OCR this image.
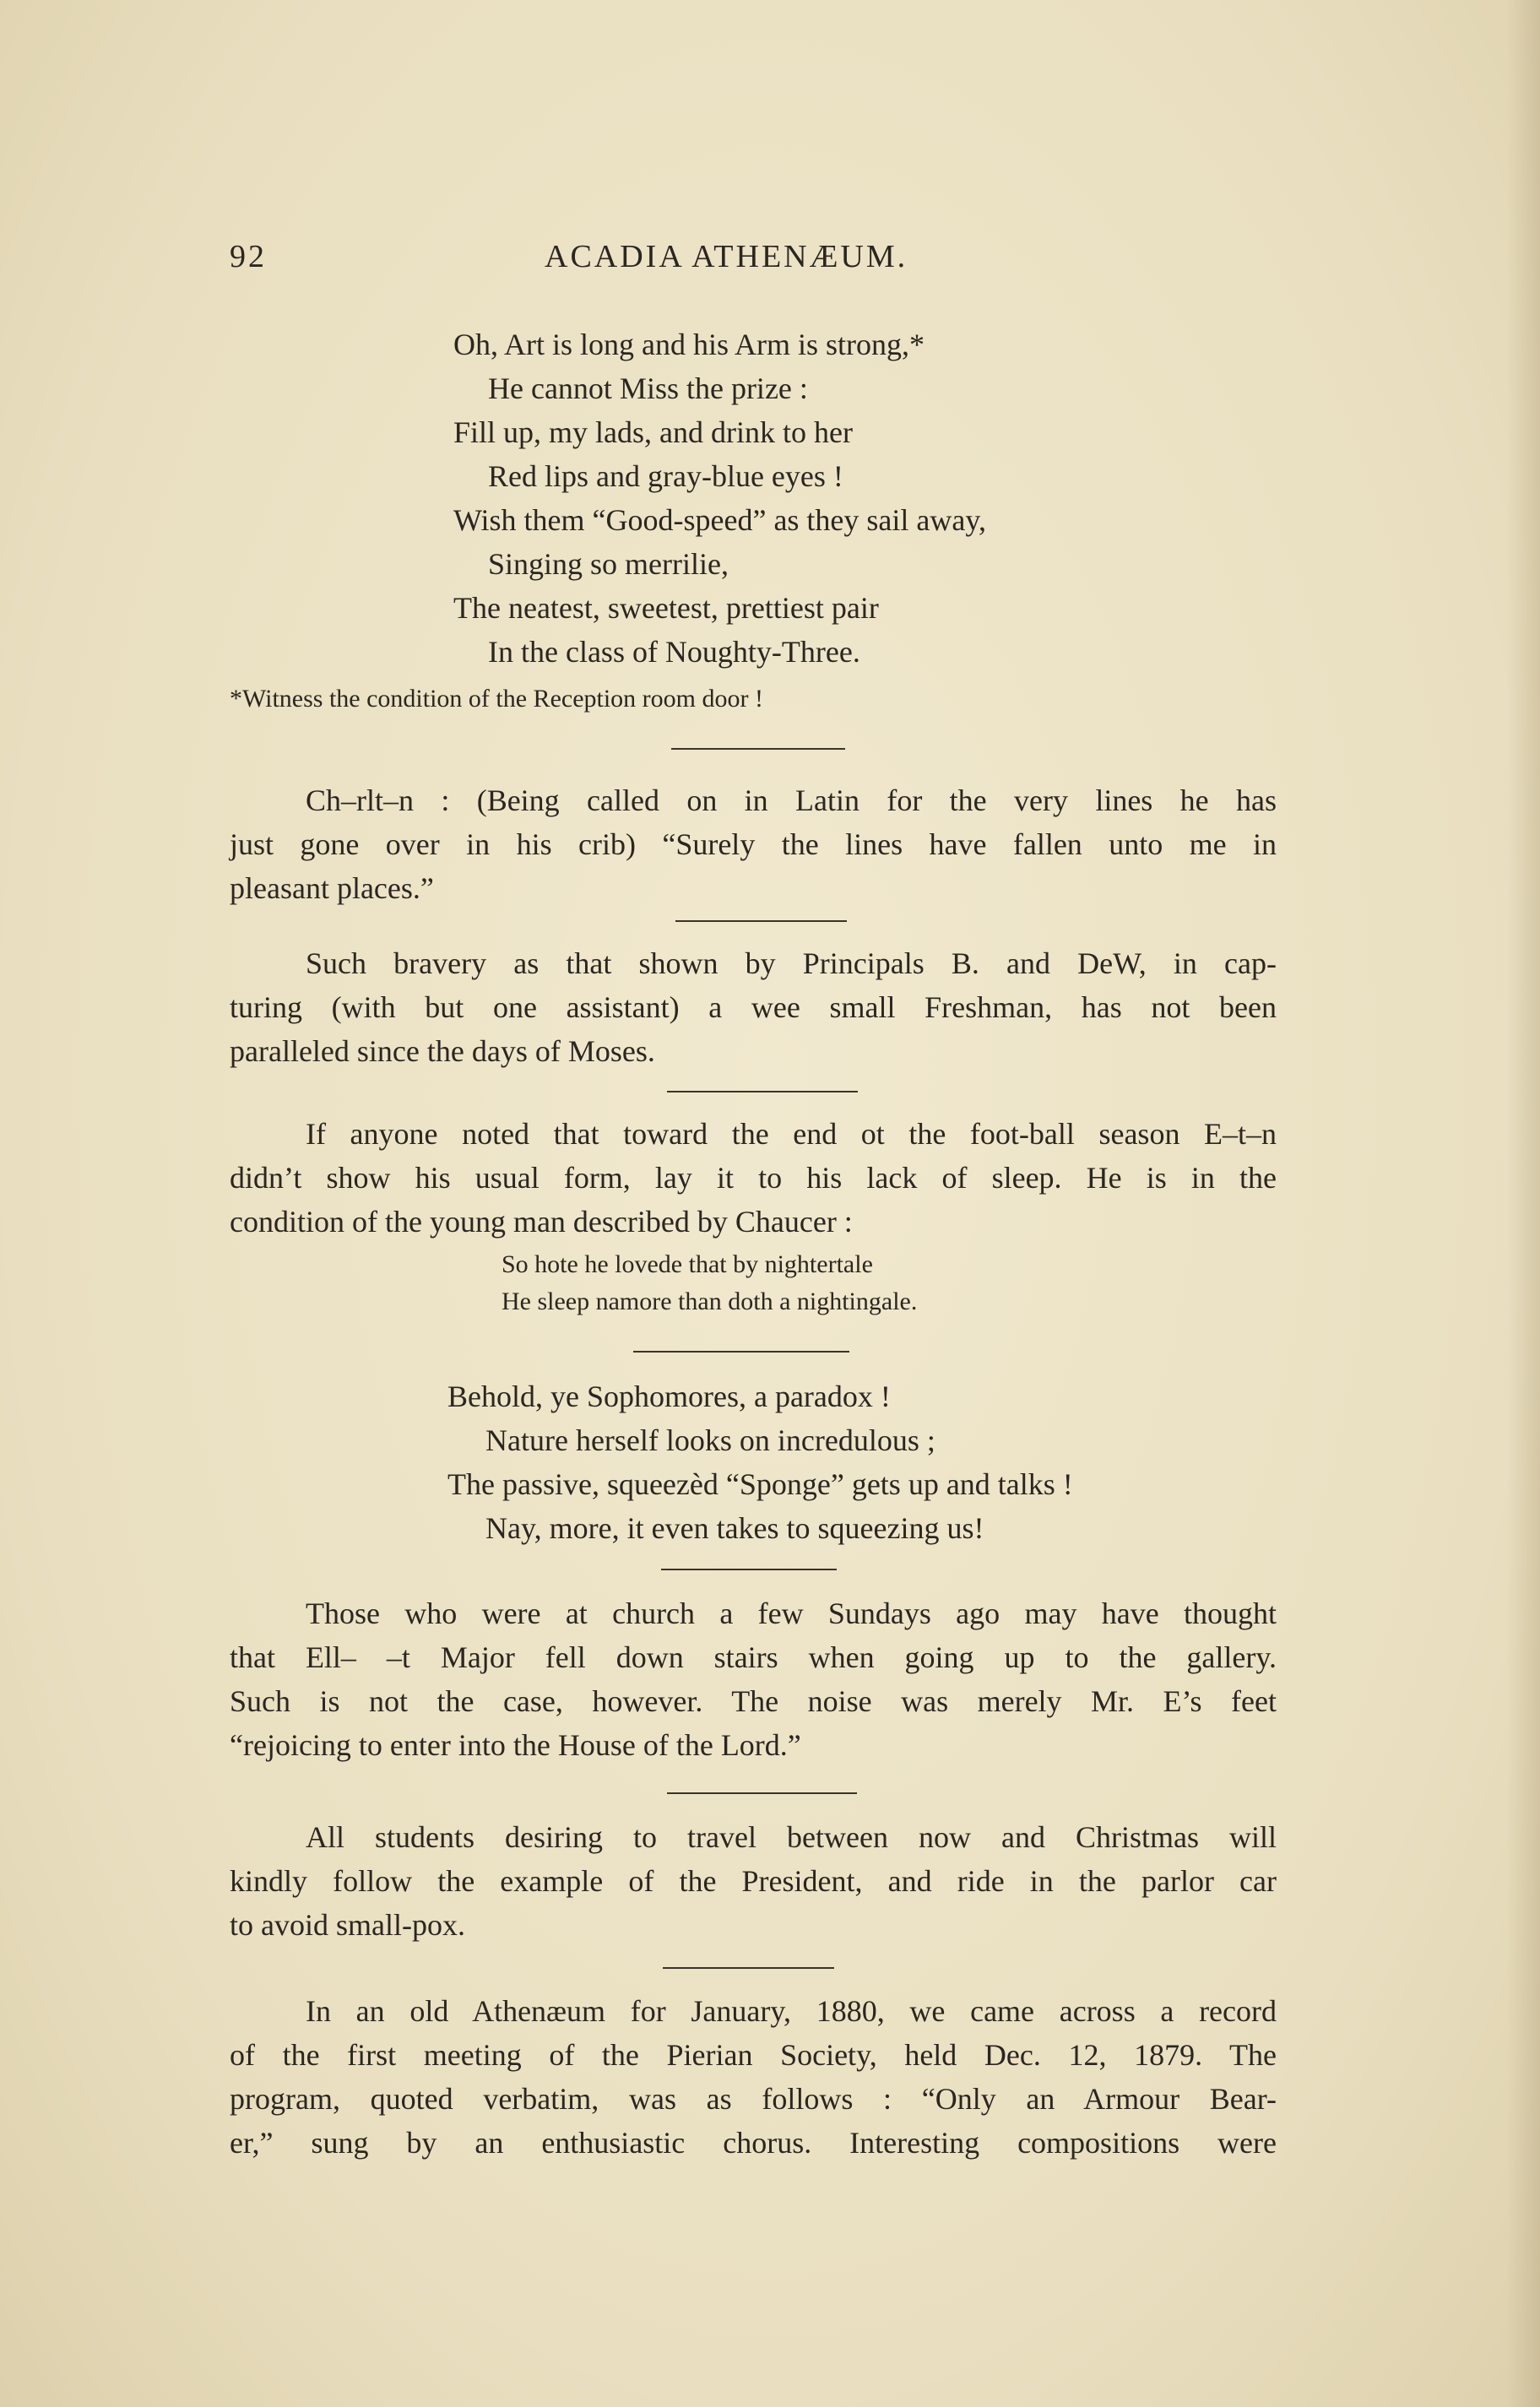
92	ACADIA ATHENÆUM.
Oh, Art is long and his Arm is strong,*
He cannot Miss the prize :
Fill up, my lads, and drink to her
Red lips and gray-blue eyes !
Wish them “Good-speed” as they sail away,
Singing so merrilie,
The neatest, sweetest, prettiest pair
In the class of Noughty-Three.
*Witness the condition of the Reception room door !
Ch–rlt–n : (Being called on in Latin for the very lines he has
just gone over in his crib) “Surely the lines have fallen unto me in
pleasant places.”
Such bravery as that shown by Principals B. and DeW, in cap-
turing (with but one assistant) a wee small Freshman, has not been
paralleled since the days of Moses.
If anyone noted that toward the end ot the foot-ball season E–t–n
didn’t show his usual form, lay it to his lack of sleep. He is in the
condition of the young man described by Chaucer :
So hote he lovede that by nightertale
He sleep namore than doth a nightingale.
Behold, ye Sophomores, a paradox !
Nature herself looks on incredulous ;
The passive, squeezèd “Sponge” gets up and talks !
Nay, more, it even takes to squeezing us!
Those who were at church a few Sundays ago may have thought
that Ell– –t Major fell down stairs when going up to the gallery.
Such is not the case, however. The noise was merely Mr. E’s feet
“rejoicing to enter into the House of the Lord.”
All students desiring to travel between now and Christmas will
kindly follow the example of the President, and ride in the parlor car
to avoid small-pox.
In an old Athenæum for January, 1880, we came across a record
of the first meeting of the Pierian Society, held Dec. 12, 1879. The
program, quoted verbatim, was as follows : “Only an Armour Bear-
er,” sung by an enthusiastic chorus. Interesting compositions were
